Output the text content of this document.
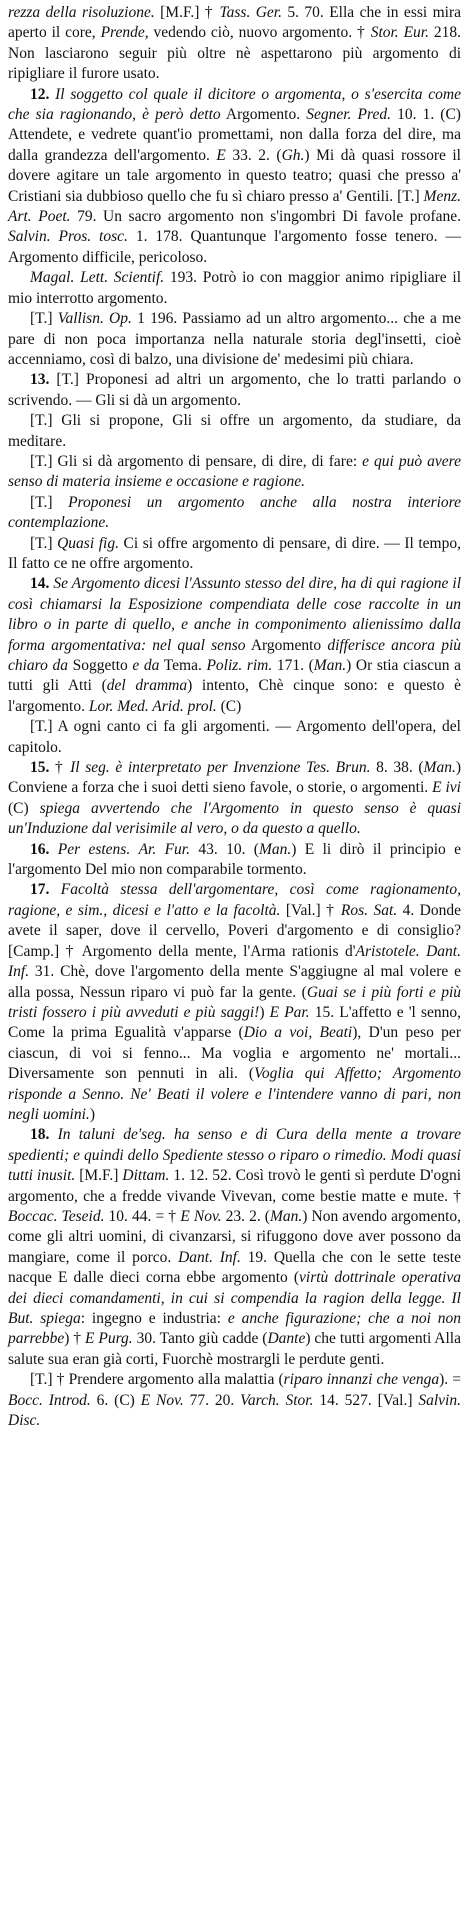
rezza della risoluzione. [M.F.] † Tass. Ger. 5. 70. Ella che in essi mira aperto il core, Prende, vedendo ciò, nuovo argomento. † Stor. Eur. 218. Non lasciarono seguir più oltre nè aspettarono più argomento di ripigliare il furore usato.

12. Il soggetto col quale il dicitore o argomenta, o s'esercita come che sia ragionando, è però detto Argomento. Segner. Pred. 10. 1. (C) Attendete, e vedrete quant'io promettami, non dalla forza del dire, ma dalla grandezza dell'argomento. E 33. 2. (Gh.) Mi dà quasi rossore il dovere agitare un tale argomento in questo teatro; quasi che presso a' Cristiani sia dubbioso quello che fu sì chiaro presso a' Gentili. [T.] Menz. Art. Poet. 79. Un sacro argomento non s'ingombri Di favole profane. Salvin. Pros. tosc. 1. 178. Quantunque l'argomento fosse tenero. — Argomento difficile, pericoloso.

Magal. Lett. Scientif. 193. Potrò io con maggior animo ripigliare il mio interrotto argomento.

[T.] Vallisn. Op. 1 196. Passiamo ad un altro argomento... che a me pare di non poca importanza nella naturale storia degl'insetti, cioè accenniamo, così di balzo, una divisione de' medesimi più chiara.

13. [T.] Proponesi ad altri un argomento, che lo tratti parlando o scrivendo. — Gli si dà un argomento.

[T.] Gli si propone, Gli si offre un argomento, da studiare, da meditare.

[T.] Gli si dà argomento di pensare, di dire, di fare: e qui può avere senso di materia insieme e occasione e ragione.

[T.] Proponesi un argomento anche alla nostra interiore contemplazione.

[T.] Quasi fig. Ci si offre argomento di pensare, di dire. — Il tempo, Il fatto ce ne offre argomento.

14. Se Argomento dicesi l'Assunto stesso del dire, ha di qui ragione il così chiamarsi la Esposizione compendiata delle cose raccolte in un libro o in parte di quello, e anche in componimento alienissimo dalla forma argomentativa: nel qual senso Argomento differisce ancora più chiaro da Soggetto e da Tema. Poliz. rim. 171. (Man.) Or stia ciascun a tutti gli Atti (del dramma) intento, Chè cinque sono: e questo è l'argomento. Lor. Med. Arid. prol. (C)

[T.] A ogni canto ci fa gli argomenti. — Argomento dell'opera, del capitolo.

15. † Il seg. è interpretato per Invenzione Tes. Brun. 8. 38. (Man.) Conviene a forza che i suoi detti sieno favole, o storie, o argomenti. E ivi (C) spiega avvertendo che l'Argomento in questo senso è quasi un'Induzione dal verisimile al vero, o da questo a quello.

16. Per estens. Ar. Fur. 43. 10. (Man.) E li dirò il principio e l'argomento Del mio non comparabile tormento.

17. Facoltà stessa dell'argomentare, così come ragionamento, ragione, e sim., dicesi e l'atto e la facoltà. [Val.] † Ros. Sat. 4. Donde avete il saper, dove il cervello, Poveri d'argomento e di consiglio? [Camp.] † Argomento della mente, l'Arma rationis d'Aristotele. Dant. Inf. 31. Chè, dove l'argomento della mente S'aggiugne al mal volere e alla possa, Nessun riparo vi può far la gente. (Guai se i più forti e più tristi fossero i più avveduti e più saggi!) E Par. 15. L'affetto e 'l senno, Come la prima Egualità v'apparse (Dio a voi, Beati), D'un peso per ciascun, di voi si fenno... Ma voglia e argomento ne' mortali... Diversamente son pennuti in ali. (Voglia qui Affetto; Argomento risponde a Senno. Ne' Beati il volere e l'intendere vanno di pari, non negli uomini.)

18. In taluni de'seg. ha senso e di Cura della mente a trovare spedienti; e quindi dello Spediente stesso o riparo o rimedio. Modi quasi tutti inusit. [M.F.] Dittam. 1. 12. 52. Così trovò le genti sì perdute D'ogni argomento, che a fredde vivande Vivevan, come bestie matte e mute. † Boccac. Teseid. 10. 44. = † E Nov. 23. 2. (Man.) Non avendo argomento, come gli altri uomini, di civanzarsi, si rifuggono dove aver possono da mangiare, come il porco. Dant. Inf. 19. Quella che con le sette teste nacque E dalle dieci corna ebbe argomento (virtù dottrinale operativa dei dieci comandamenti, in cui si compendia la ragion della legge. Il But. spiega: ingegno e industria: e anche figurazione; che a noi non parrebbe) † E Purg. 30. Tanto giù cadde (Dante) che tutti argomenti Alla salute sua eran già corti, Fuorchè mostrargli le perdute genti.

[T.] † Prendere argomento alla malattia (riparo innanzi che venga). = Bocc. Introd. 6. (C) E Nov. 77. 20. Varch. Stor. 14. 527. [Val.] Salvin. Disc.
